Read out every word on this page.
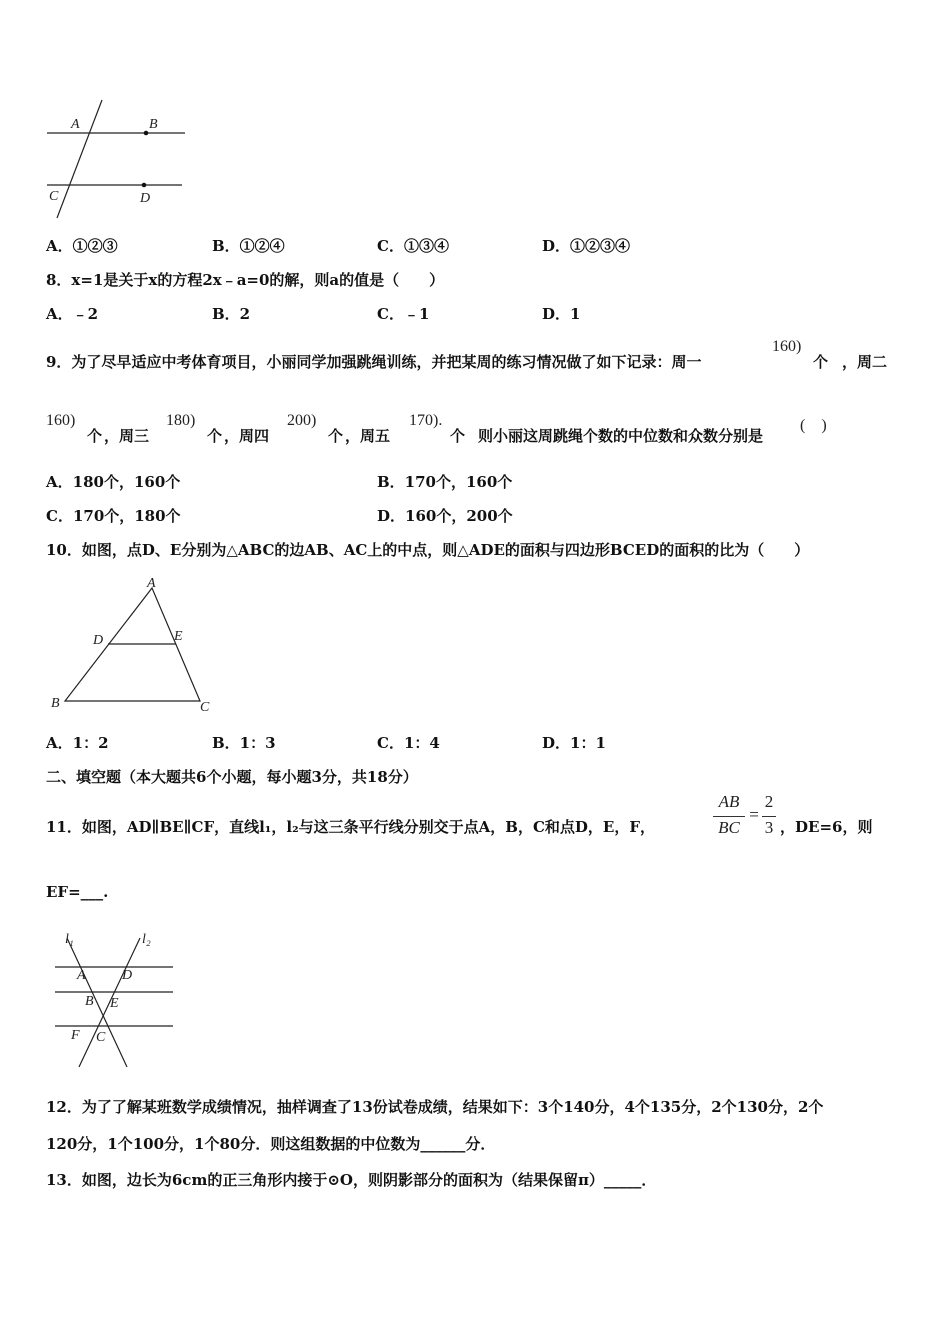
A	B
C	D
A．①②③	B．①②④	C．①③④	D．①②③④
8．x=1是关于x的方程2x﹣a=0的解，则a的值是（　　）
A．﹣2	B．2	C．﹣1	D．1
9．为了尽早适应中考体育项目，小丽同学加强跳绳训练，并把某周的练习情况做了如下记录：周一
160)
个 ，周二
160)
个 ，周三
180)
个 ，周四
200)
个 ，周五
170).
个 则小丽这周跳绳个数的中位数和众数分别是
(　)
A．180个，160个	B．170个，160个
C．170个，180个	D．160个，200个
10．如图，点D、E分别为△ABC的边AB、AC上的中点，则△ADE的面积与四边形BCED的面积的比为（　　）
A
D	E
B	C
A．1：2	B．1：3	C．1：4	D．1：1
二、填空题（本大题共6个小题，每小题3分，共18分）
11．如图，AD∥BE∥CF，直线l₁，l₂与这三条平行线分别交于点A，B，C和点D，E，F，
AB
BC
=
2
3 ，DE=6，则
EF=___.
l₁	l₂
A	D
B E
F C
12．为了了解某班数学成绩情况，抽样调查了13份试卷成绩，结果如下：3个140分，4个135分，2个130分，2个
120分，1个100分，1个80分．则这组数据的中位数为______分．
13．如图，边长为6cm的正三角形内接于⊙O，则阴影部分的面积为（结果保留π）_____．
